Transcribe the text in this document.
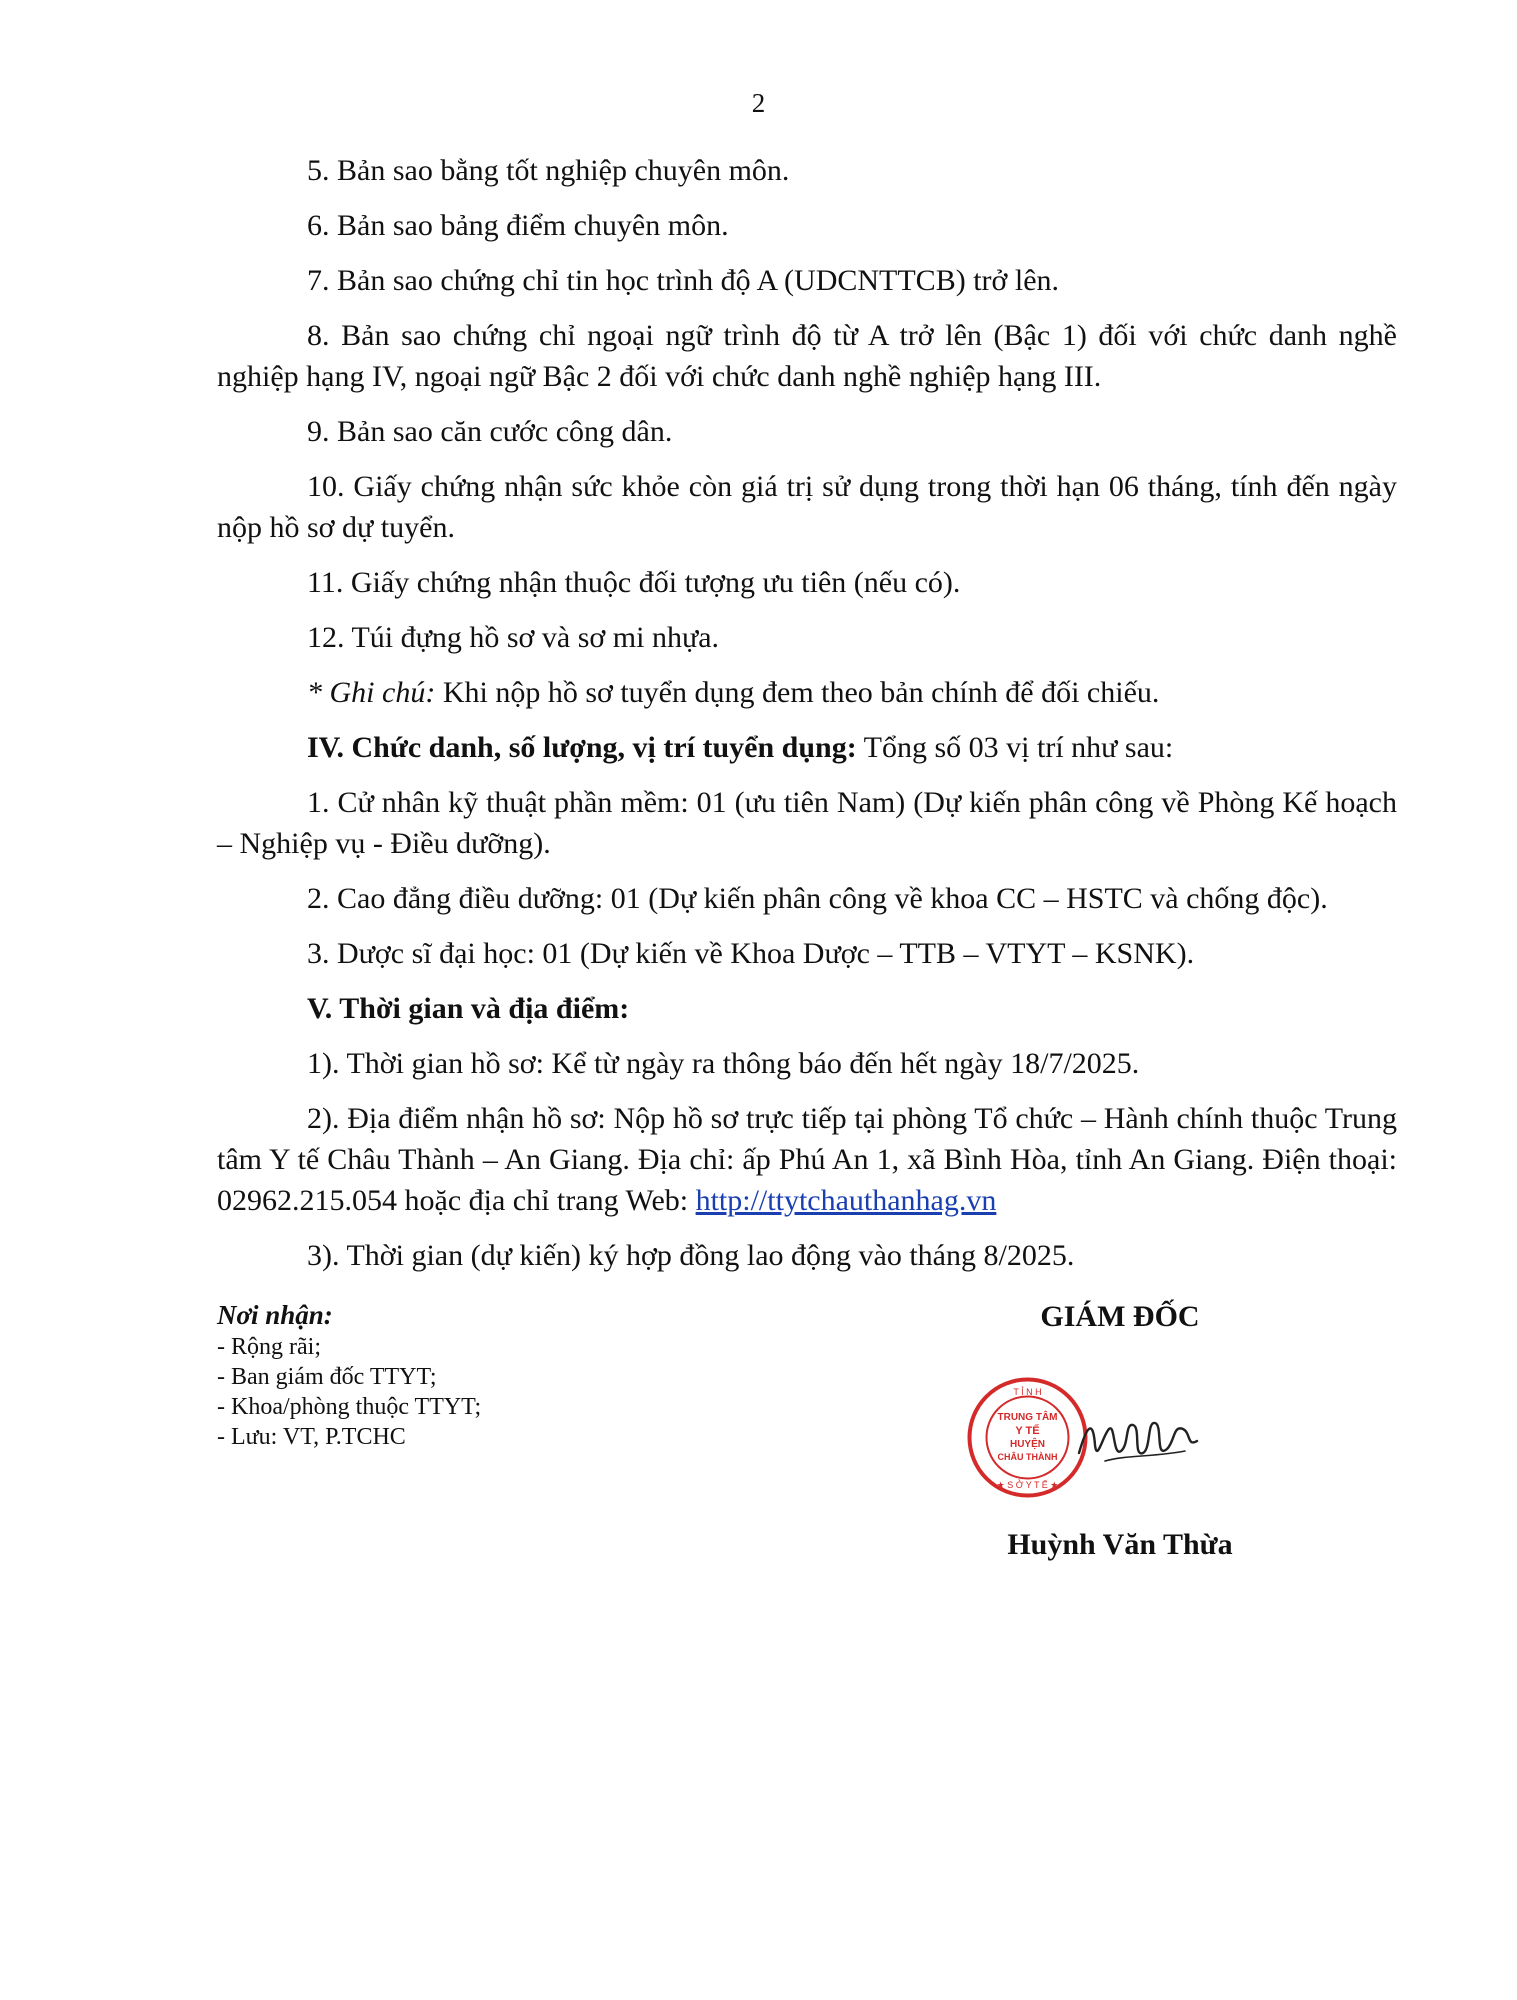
2

5. Bản sao bằng tốt nghiệp chuyên môn.

6. Bản sao bảng điểm chuyên môn.

7. Bản sao chứng chỉ tin học trình độ A (UDCNTTCB) trở lên.

8. Bản sao chứng chỉ ngoại ngữ trình độ từ A trở lên (Bậc 1) đối với chức danh nghề nghiệp hạng IV, ngoại ngữ Bậc 2 đối với chức danh nghề nghiệp hạng III.

9. Bản sao căn cước công dân.

10. Giấy chứng nhận sức khỏe còn giá trị sử dụng trong thời hạn 06 tháng, tính đến ngày nộp hồ sơ dự tuyển.

11. Giấy chứng nhận thuộc đối tượng ưu tiên (nếu có).

12. Túi đựng hồ sơ và sơ mi nhựa.

* Ghi chú: Khi nộp hồ sơ tuyển dụng đem theo bản chính để đối chiếu.

IV. Chức danh, số lượng, vị trí tuyển dụng: Tổng số 03 vị trí như sau:

1. Cử nhân kỹ thuật phần mềm: 01 (ưu tiên Nam) (Dự kiến phân công về Phòng Kế hoạch – Nghiệp vụ - Điều dưỡng).

2. Cao đẳng điều dưỡng: 01 (Dự kiến phân công về khoa CC – HSTC và chống độc).

3. Dược sĩ đại học: 01 (Dự kiến về Khoa Dược – TTB – VTYT – KSNK).

V. Thời gian và địa điểm:

1). Thời gian hồ sơ: Kể từ ngày ra thông báo đến hết ngày 18/7/2025.

2). Địa điểm nhận hồ sơ: Nộp hồ sơ trực tiếp tại phòng Tổ chức – Hành chính thuộc Trung tâm Y tế Châu Thành – An Giang. Địa chỉ: ấp Phú An 1, xã Bình Hòa, tỉnh An Giang. Điện thoại: 02962.215.054 hoặc địa chỉ trang Web: http://ttytchauthanhag.vn

3). Thời gian (dự kiến) ký hợp đồng lao động vào tháng 8/2025.

Nơi nhận:
- Rộng rãi;
- Ban giám đốc TTYT;
- Khoa/phòng thuộc TTYT;
- Lưu: VT, P.TCHC
GIÁM ĐỐC
T Ỉ N H
★ S Ở Y T Ế ★
TRUNG TÂM
Y TẾ
HUYỆN
CHÂU THÀNH
Huỳnh Văn Thừa
